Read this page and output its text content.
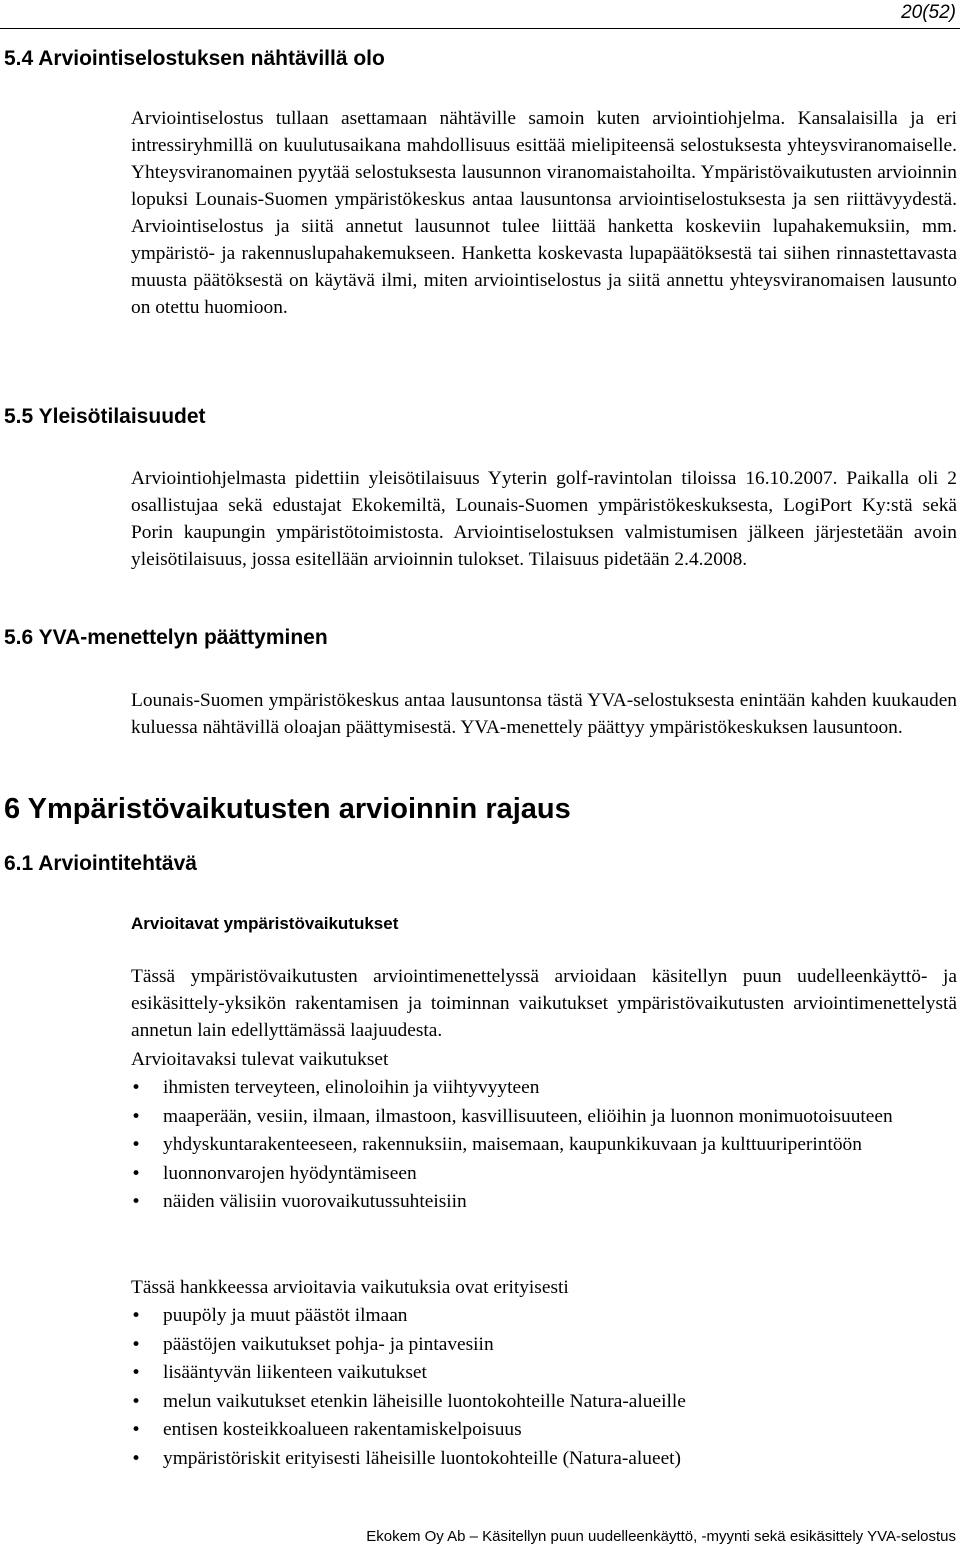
20(52)
5.4 Arviointiselostuksen nähtävillä olo

Arviointiselostus tullaan asettamaan nähtäville samoin kuten arviointiohjelma. Kansalaisilla ja eri intressiryhmillä on kuulutusaikana mahdollisuus esittää mielipiteensä selostuksesta yhteysviranomaiselle. Yhteysviranomainen pyytää selostuksesta lausunnon viranomaistahoilta. Ympäristövaikutusten arvioinnin lopuksi Lounais-Suomen ympäristökeskus antaa lausuntonsa arviointiselostuksesta ja sen riittävyydestä. Arviointiselostus ja siitä annetut lausunnot tulee liittää hanketta koskeviin lupahakemuksiin, mm. ympäristö- ja rakennuslupahakemukseen. Hanketta koskevasta lupapäätöksestä tai siihen rinnastettavasta muusta päätöksestä on käytävä ilmi, miten arviointiselostus ja siitä annettu yhteysviranomaisen lausunto on otettu huomioon.

5.5 Yleisötilaisuudet

Arviointiohjelmasta pidettiin yleisötilaisuus Yyterin golf-ravintolan tiloissa 16.10.2007. Paikalla oli 2 osallistujaa sekä edustajat Ekokemiltä, Lounais-Suomen ympäristökeskuksesta, LogiPort Ky:stä sekä Porin kaupungin ympäristötoimistosta. Arviointiselostuksen valmistumisen jälkeen järjestetään avoin yleisötilaisuus, jossa esitellään arvioinnin tulokset. Tilaisuus pidetään 2.4.2008.

5.6 YVA-menettelyn päättyminen

Lounais-Suomen ympäristökeskus antaa lausuntonsa tästä YVA-selostuksesta enintään kahden kuukauden kuluessa nähtävillä oloajan päättymisestä. YVA-menettely päättyy ympäristökeskuksen lausuntoon.

6 Ympäristövaikutusten arvioinnin rajaus
6.1 Arviointitehtävä
Arvioitavat ympäristövaikutukset

Tässä ympäristövaikutusten arviointimenettelyssä arvioidaan käsitellyn puun uudelleenkäyttö- ja esikäsittely-yksikön rakentamisen ja toiminnan vaikutukset ympäristövaikutusten arviointimenettelystä annetun lain edellyttämässä laajuudesta.

Arvioitavaksi tulevat vaikutukset

• ihmisten terveyteen, elinoloihin ja viihtyvyyteen
• maaperään, vesiin, ilmaan, ilmastoon, kasvillisuuteen, eliöihin ja luonnon monimuotoisuuteen
• yhdyskuntarakenteeseen, rakennuksiin, maisemaan, kaupunkikuvaan ja kulttuuriperintöön
• luonnonvarojen hyödyntämiseen
• näiden välisiin vuorovaikutussuhteisiin

Tässä hankkeessa arvioitavia vaikutuksia ovat erityisesti

• puupöly ja muut päästöt ilmaan
• päästöjen vaikutukset pohja- ja pintavesiin
• lisääntyvän liikenteen vaikutukset
• melun vaikutukset etenkin läheisille luontokohteille Natura-alueille
• entisen kosteikkoalueen rakentamiskelpoisuus
• ympäristöriskit erityisesti läheisille luontokohteille (Natura-alueet)
Ekokem Oy Ab – Käsitellyn puun uudelleenkäyttö, -myynti sekä esikäsittely YVA-selostus
